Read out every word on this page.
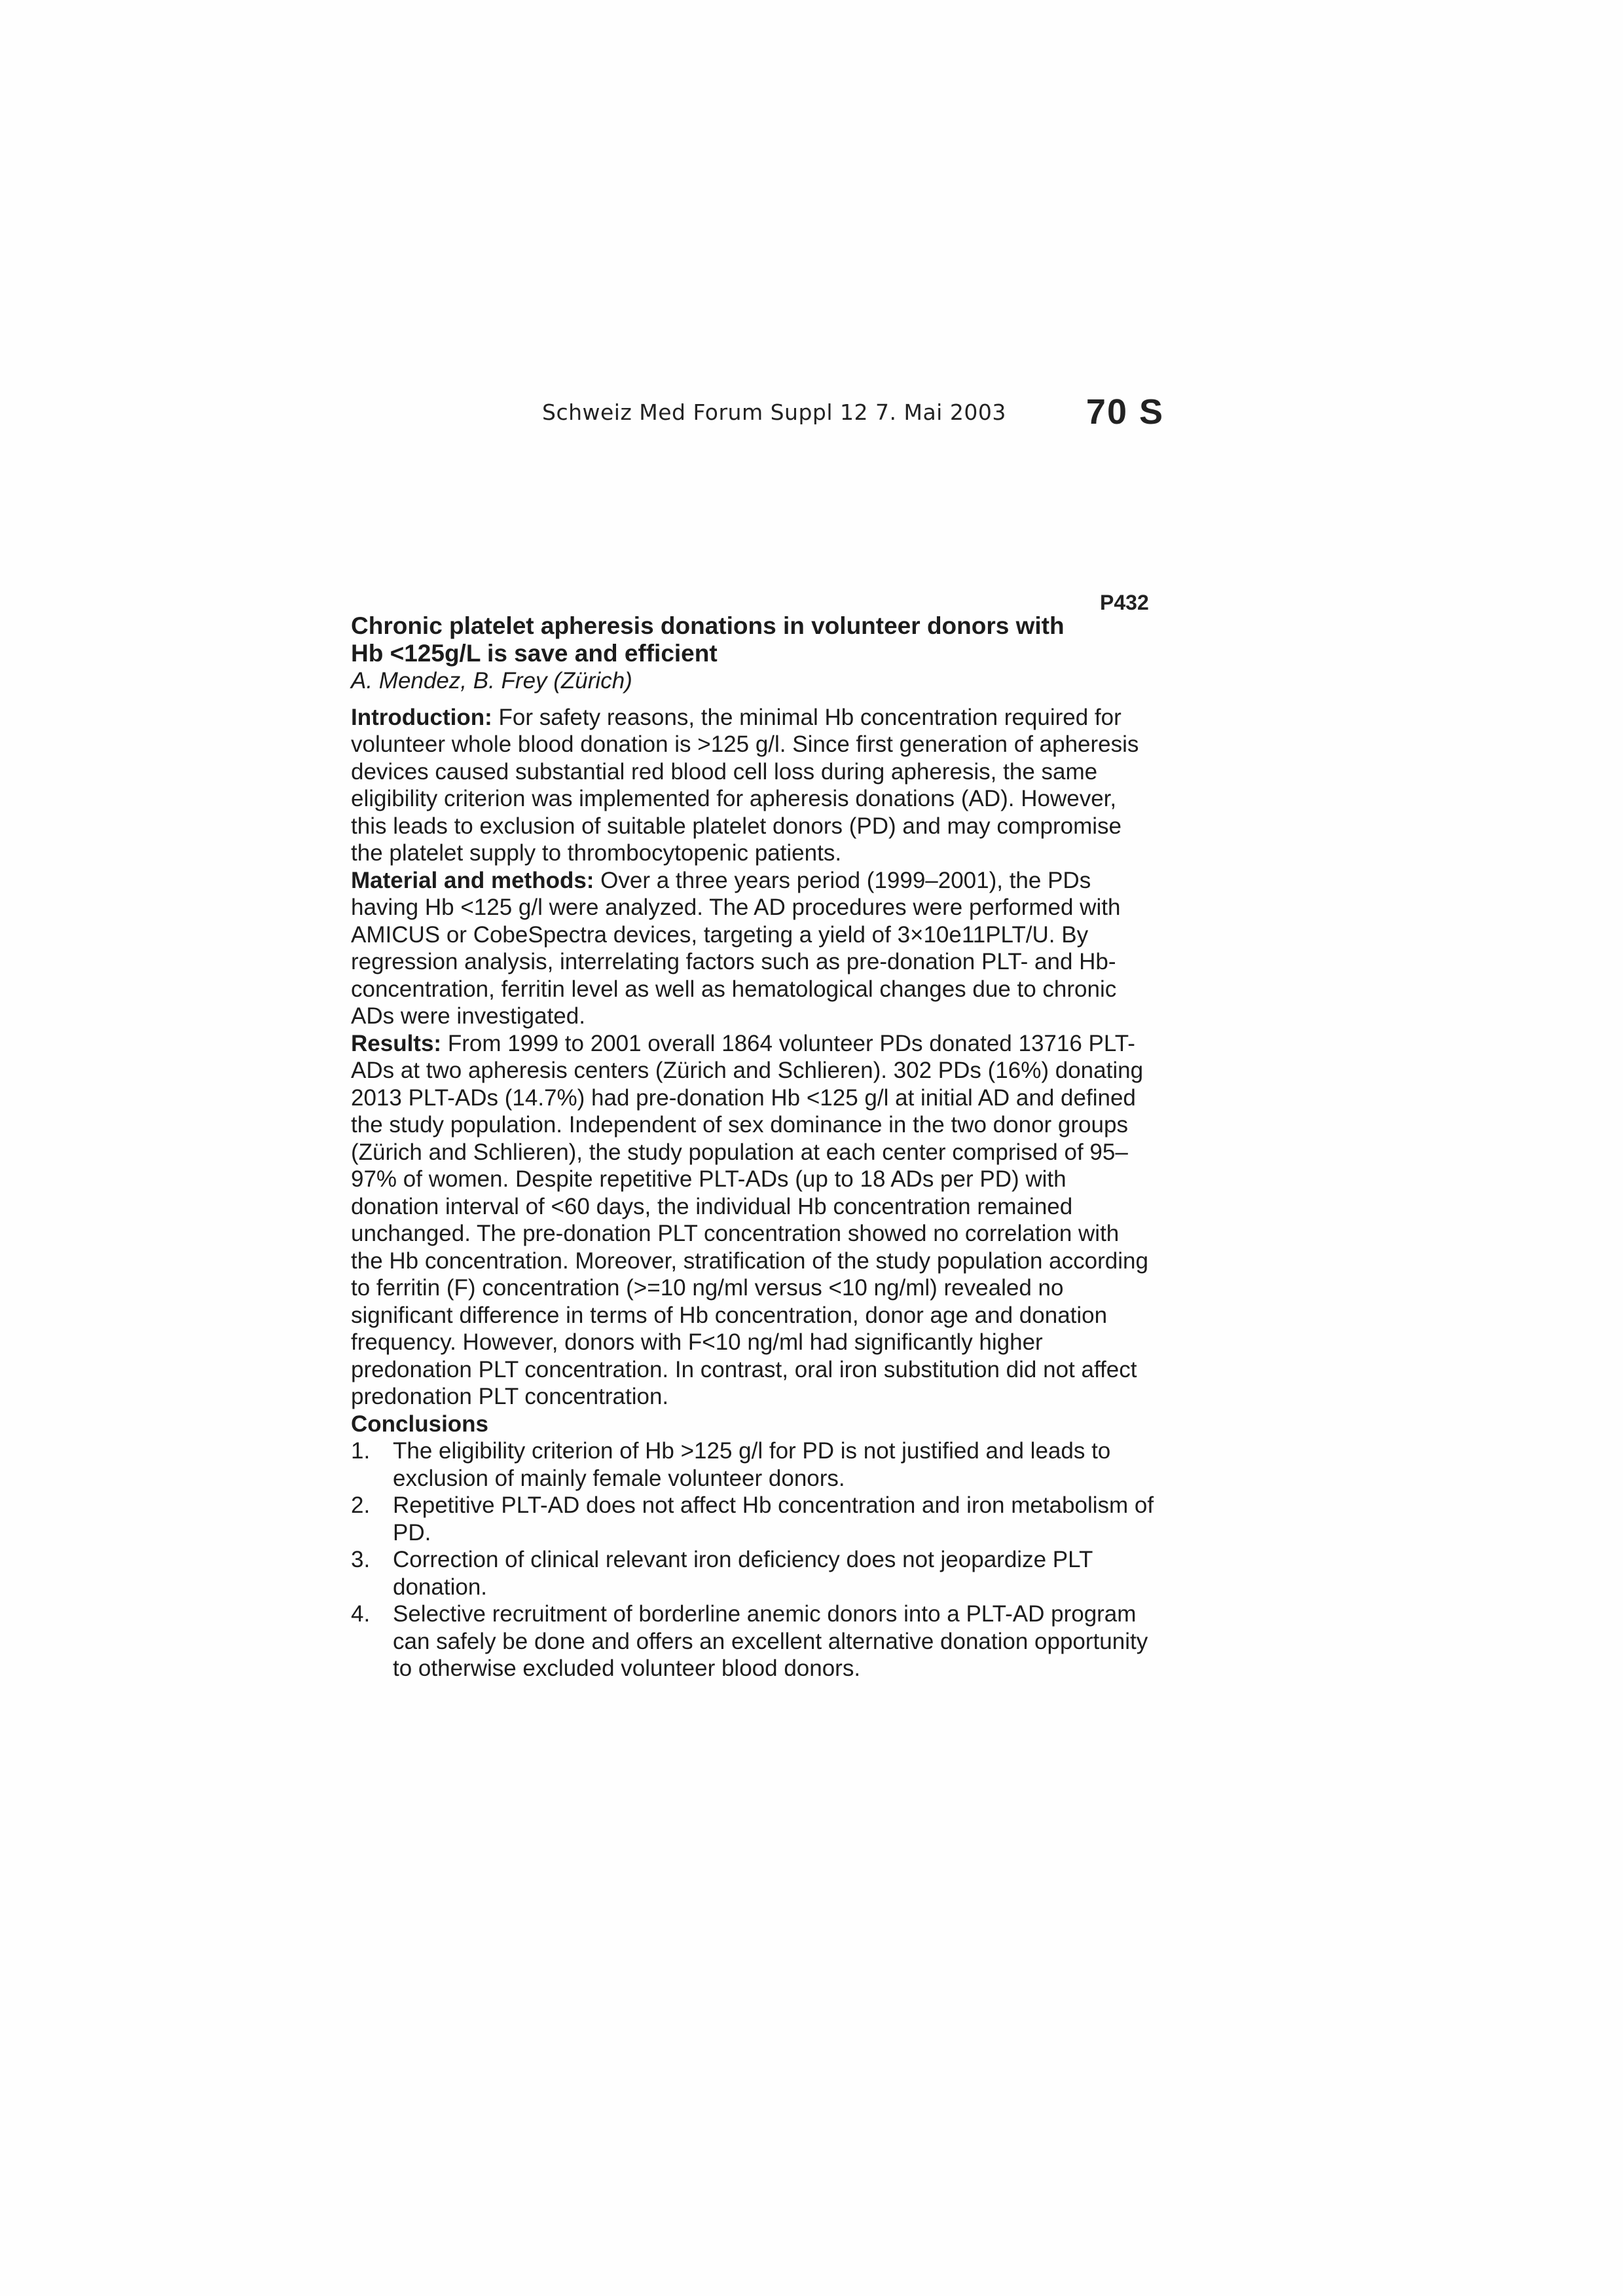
Schweiz Med Forum Suppl 12 7. Mai 2003 70 S
P432

Chronic platelet apheresis donations in volunteer donors with Hb <125g/L is save and efficient

A. Mendez, B. Frey (Zürich)

Introduction: For safety reasons, the minimal Hb concentration required for volunteer whole blood donation is >125 g/l. Since first generation of apheresis devices caused substantial red blood cell loss during apheresis, the same eligibility criterion was implemented for apheresis donations (AD). However, this leads to exclusion of suitable platelet donors (PD) and may compromise the platelet supply to thrombocytopenic patients.

Material and methods: Over a three years period (1999–2001), the PDs having Hb <125 g/l were analyzed. The AD procedures were performed with AMICUS or CobeSpectra devices, targeting a yield of 3×10e11PLT/U. By regression analysis, interrelating factors such as pre-donation PLT- and Hb-concentration, ferritin level as well as hematological changes due to chronic ADs were investigated.

Results: From 1999 to 2001 overall 1864 volunteer PDs donated 13716 PLT-ADs at two apheresis centers (Zürich and Schlieren). 302 PDs (16%) donating 2013 PLT-ADs (14.7%) had pre-donation Hb <125 g/l at initial AD and defined the study population. Independent of sex dominance in the two donor groups (Zürich and Schlieren), the study population at each center comprised of 95–97% of women. Despite repetitive PLT-ADs (up to 18 ADs per PD) with donation interval of <60 days, the individual Hb concentration remained unchanged. The pre-donation PLT concentration showed no correlation with the Hb concentration. Moreover, stratification of the study population according to ferritin (F) concentration (>=10 ng/ml versus <10 ng/ml) revealed no significant difference in terms of Hb concentration, donor age and donation frequency. However, donors with F<10 ng/ml had significantly higher predonation PLT concentration. In contrast, oral iron substitution did not affect predonation PLT concentration.

Conclusions

1. The eligibility criterion of Hb >125 g/l for PD is not justified and leads to exclusion of mainly female volunteer donors.
2. Repetitive PLT-AD does not affect Hb concentration and iron metabolism of PD.
3. Correction of clinical relevant iron deficiency does not jeopardize PLT donation.
4. Selective recruitment of borderline anemic donors into a PLT-AD program can safely be done and offers an excellent alternative donation opportunity to otherwise excluded volunteer blood donors.
